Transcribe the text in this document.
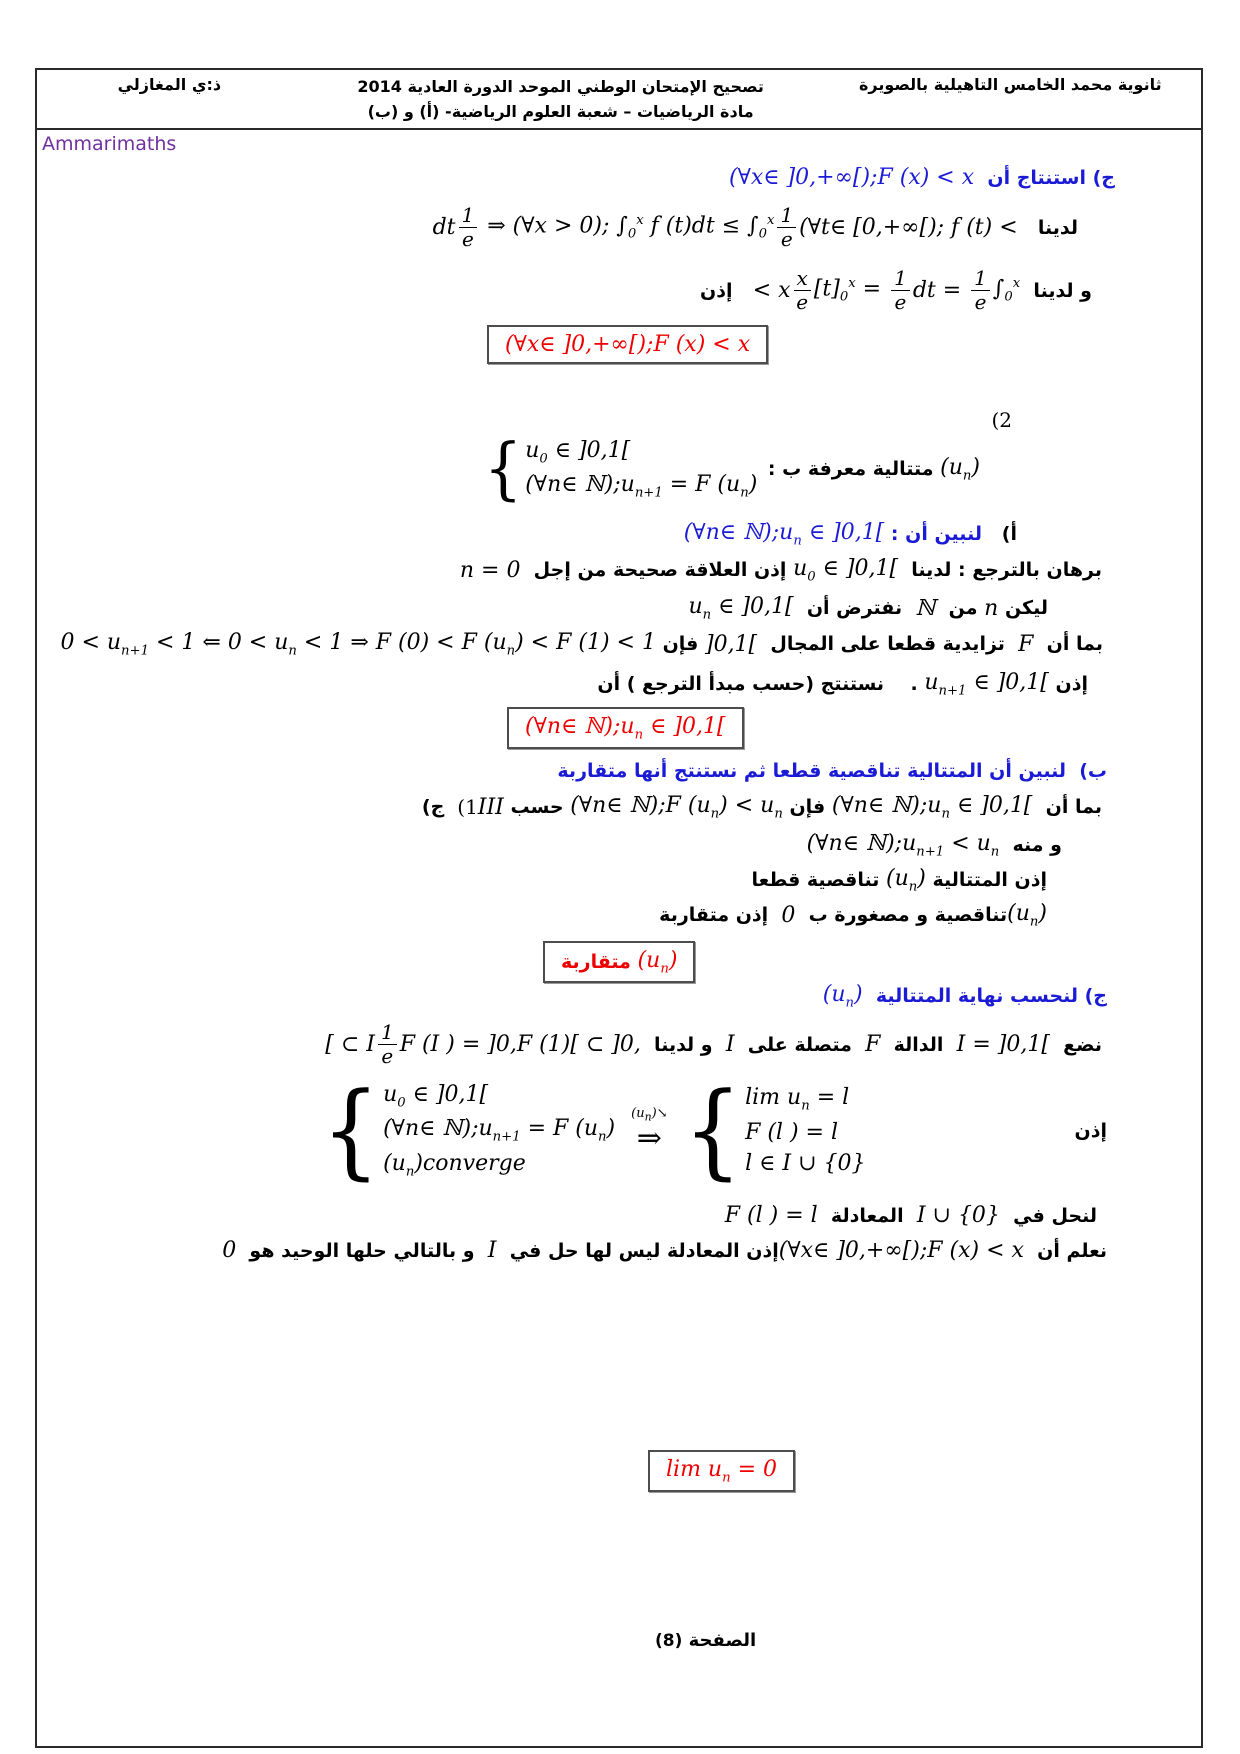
ثانوية محمد الخامس التاهيلية بالصويرة
تصحيح الإمتحان الوطني الموحد الدورة العادية 2014
مادة الرياضيات – شعبة العلوم الرياضية- (أ) و (ب)
ذ:ي المغازلي
Ammarimaths
ج) استنتاج أن
(∀x∈ ]0,+∞[);F (x) < x
لدينا
(∀t∈ [0,+∞[); f (t) <
$\frac{1}{e}$
⇒ (∀x > 0); $\int_0^x$ f $(t)dt \le \int_0^x$
$\frac{1}{e}$
dt
و لدينا
$\int_0^x$
$\frac{1}{e}$
dt =
$\frac{1}{e}$
$[t]_0^x$ =
$\frac{x}{e}$
< x
إذن
(∀x∈ ]0,+∞[);F (x) < x
(2
$(u_n)$
متتالية معرفة ب :
{ $u_0$ ∈ ]0,1[
(∀n∈ $ℕ);u_{n+1} = F$ $(u_n)$
أ)
لنبين أن :
(∀n∈ $ℕ);u_n$ ∈ ]0,1[
برهان بالترجع : لدينا
$u_0$ ∈ ]0,1[
إذن العلاقة صحيحة من إجل
n = 0
ليكن
n
من
ℕ
نفترض أن
$u_n$ ∈ ]0,1[
بما أن
F
تزايدية قطعا على المجال
]0,1[
فإن
$0 < u_{n+1} < 1$ ⇐ $0 < u_n < 1$ ⇒ F (0) < F $(u_n) < F$ (1) < 1
إذن
$u_{n+1}$ ∈ ]0,1[
.    نستنتج (حسب مبدأ الترجع ) أن
(∀n∈ $ℕ);u_n$ ∈ ]0,1[
ب)  لنبين أن المتتالية تناقصية قطعا ثم نستنتج أنها متقاربة
بما أن
(∀n∈ $ℕ);u_n$ ∈ ]0,1[
فإن
(∀n∈ ℕ);F $(u_n) < u_n$
حسب
III
(1
ج)
و منه
(∀n∈ $ℕ);u_{n+1} < u_n$
إذن المتتالية
$(u_n)$
تناقصية قطعا
$(u_n)$
تناقصية و مصغورة ب
0
إذن متقاربة
$(u_n)$
متقاربة
ج) لنحسب نهاية المتتالية
$(u_n)$
نضع
I = ]0,1[
الدالة
F
متصلة على
I
و لدينا
F (I ) = ]0,F (1)[ ⊂ ]0,
$\frac{1}{e}$
[ ⊂ I
إذن
{ $u_0$ ∈ ]0,1[
(∀n∈ $ℕ);u_{n+1} = F$ $(u_n)$
$(u_n)converge$
$(u_n)↘$
⇒ { $\lim u_n = l$
F (l ) = l
l ∈ I ∪ {0}
لنحل في
I ∪ {0}
المعادلة
F (l ) = l
نعلم أن
(∀x∈ ]0,+∞[);F (x) < x
إذن المعادلة ليس لها حل في
I
و بالتالي حلها الوحيد هو
0
$\lim u_n = 0$
الصفحة
(8)
